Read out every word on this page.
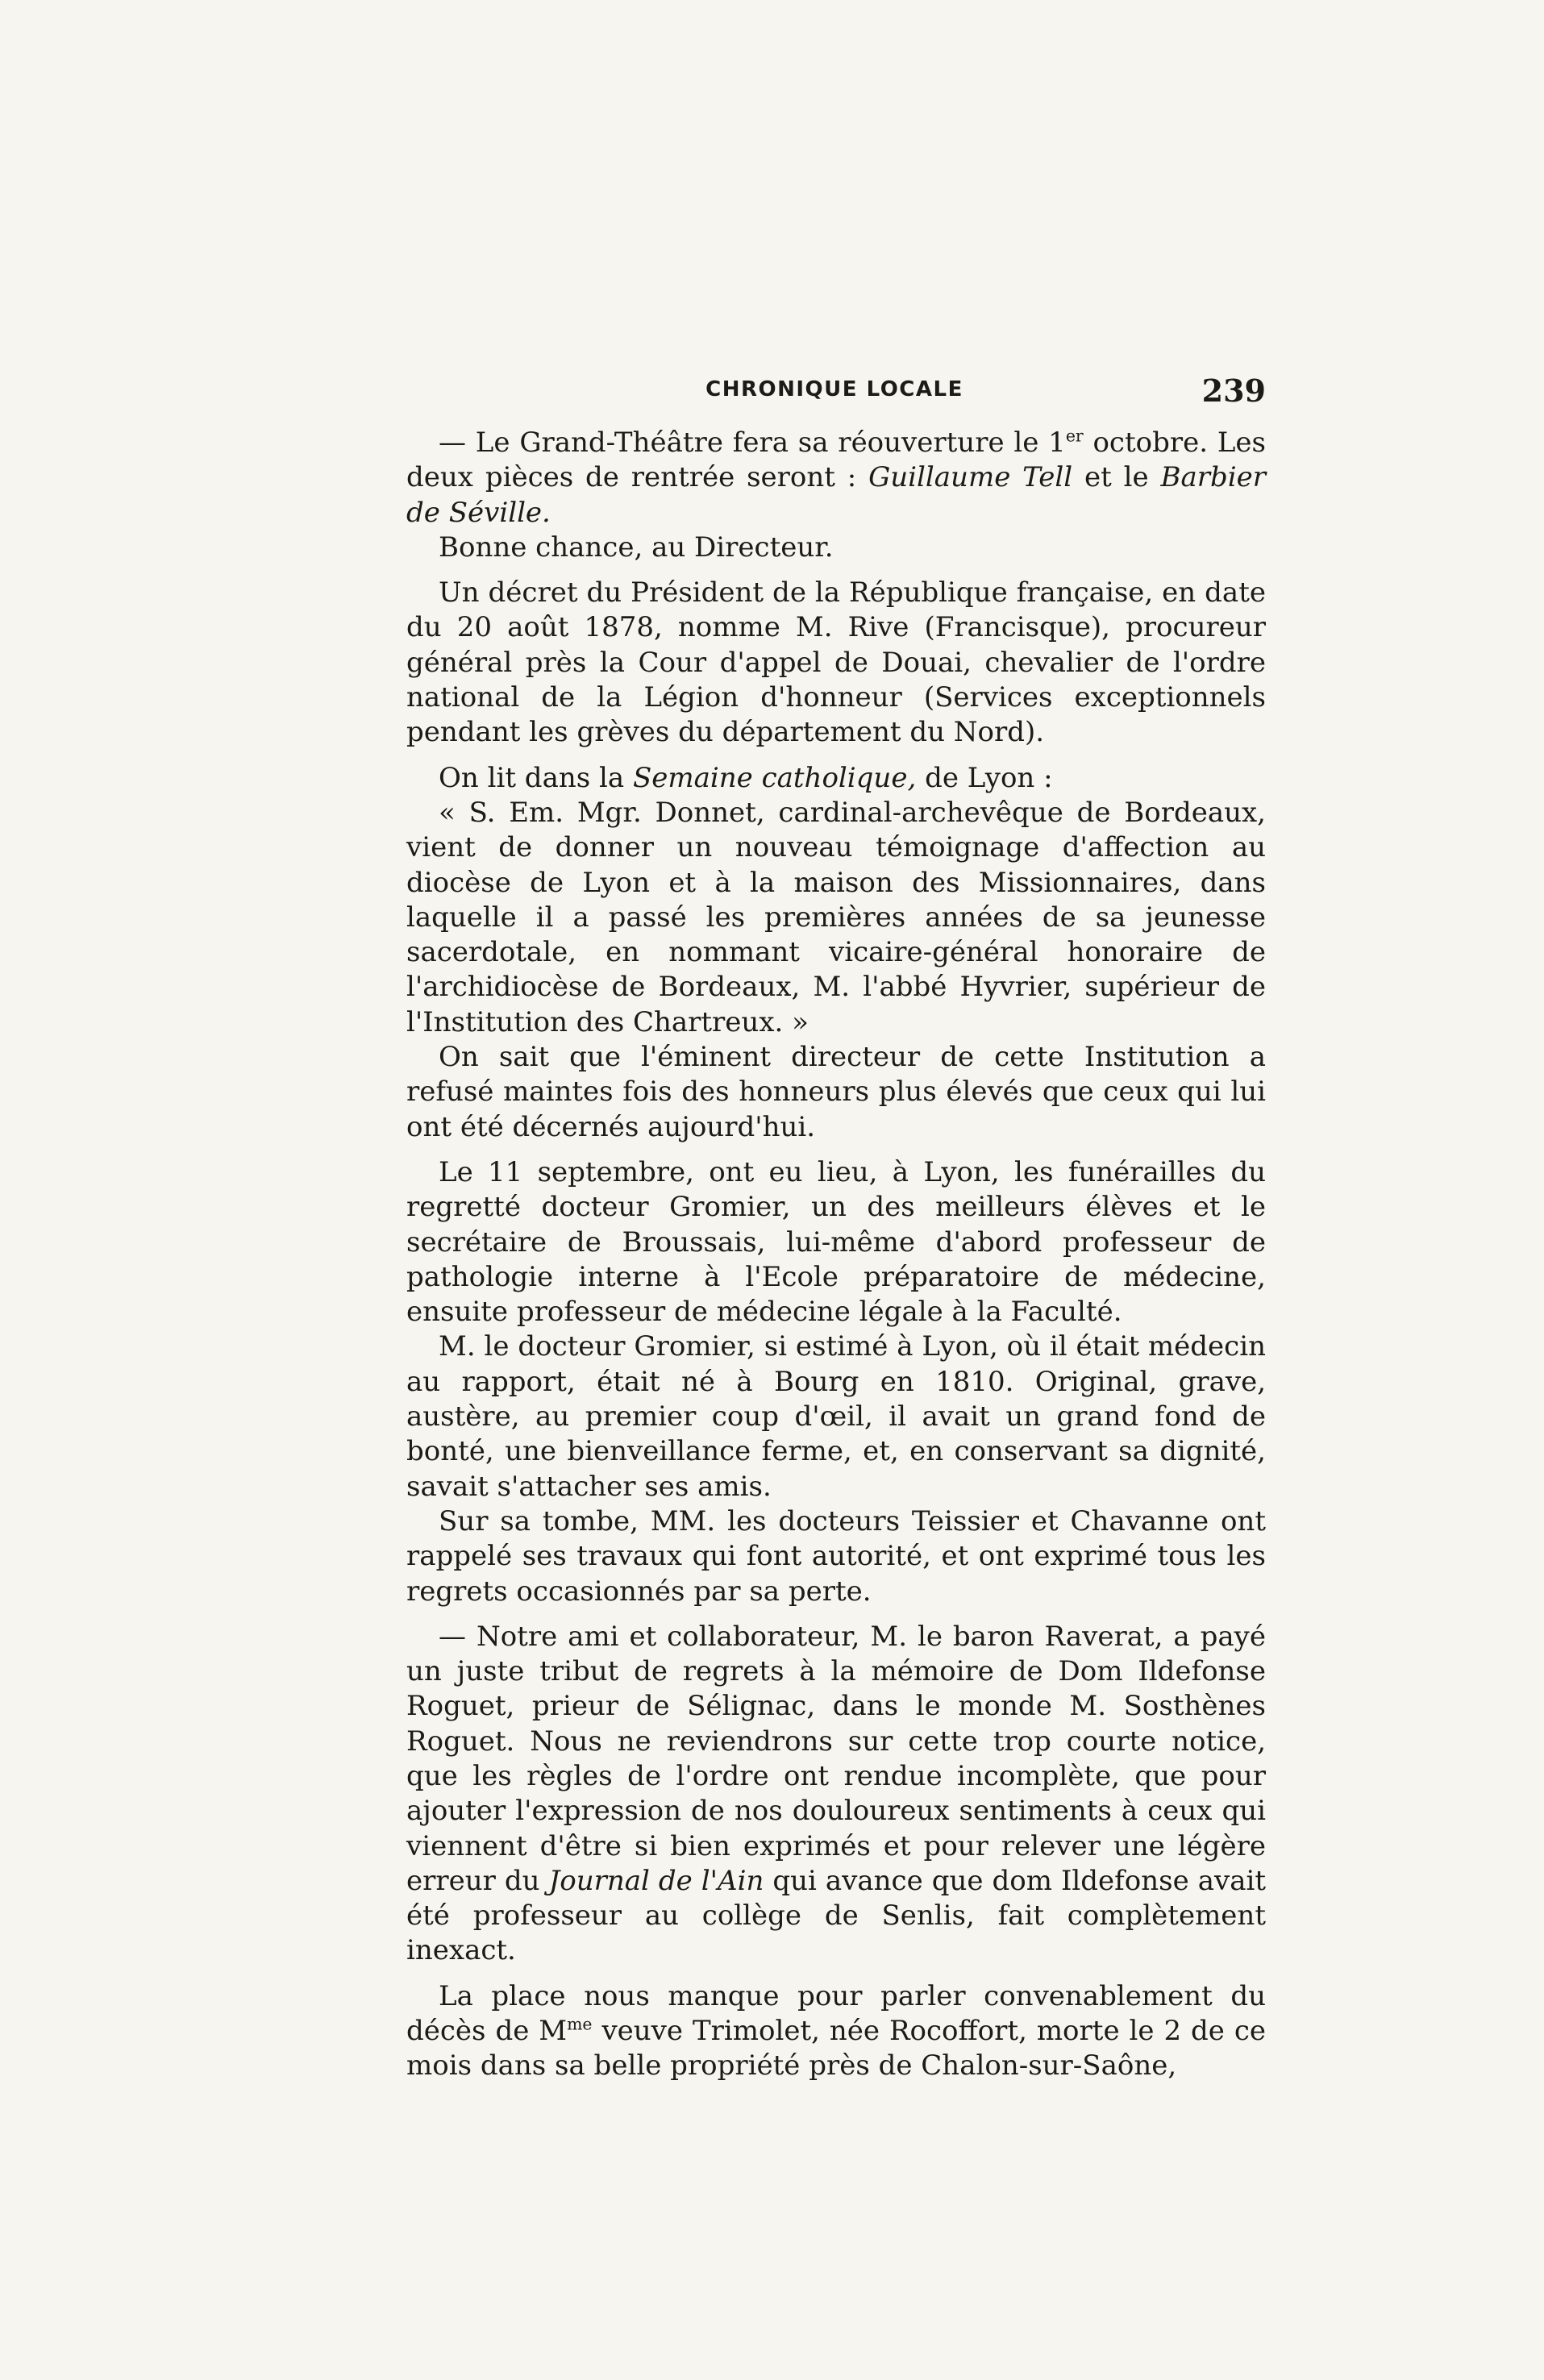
CHRONIQUE LOCALE	239

— Le Grand-Théâtre fera sa réouverture le 1er octobre. Les deux pièces de rentrée seront : Guillaume Tell et le Barbier de Séville.

Bonne chance, au Directeur.

Un décret du Président de la République française, en date du 20 août 1878, nomme M. Rive (Francisque), procureur général près la Cour d'appel de Douai, chevalier de l'ordre national de la Légion d'honneur (Services exceptionnels pendant les grèves du département du Nord).

On lit dans la Semaine catholique, de Lyon :

« S. Em. Mgr. Donnet, cardinal-archevêque de Bordeaux, vient de donner un nouveau témoignage d'affection au diocèse de Lyon et à la maison des Missionnaires, dans laquelle il a passé les premières années de sa jeunesse sacerdotale, en nommant vicaire-général honoraire de l'archidiocèse de Bordeaux, M. l'abbé Hyvrier, supérieur de l'Institution des Chartreux. »

On sait que l'éminent directeur de cette Institution a refusé maintes fois des honneurs plus élevés que ceux qui lui ont été décernés aujourd'hui.

Le 11 septembre, ont eu lieu, à Lyon, les funérailles du regretté docteur Gromier, un des meilleurs élèves et le secrétaire de Broussais, lui-même d'abord professeur de pathologie interne à l'Ecole préparatoire de médecine, ensuite professeur de médecine légale à la Faculté.

M. le docteur Gromier, si estimé à Lyon, où il était médecin au rapport, était né à Bourg en 1810. Original, grave, austère, au premier coup d'œil, il avait un grand fond de bonté, une bienveillance ferme, et, en conservant sa dignité, savait s'attacher ses amis.

Sur sa tombe, MM. les docteurs Teissier et Chavanne ont rappelé ses travaux qui font autorité, et ont exprimé tous les regrets occasionnés par sa perte.

— Notre ami et collaborateur, M. le baron Raverat, a payé un juste tribut de regrets à la mémoire de Dom Ildefonse Roguet, prieur de Sélignac, dans le monde M. Sosthènes Roguet. Nous ne reviendrons sur cette trop courte notice, que les règles de l'ordre ont rendue incomplète, que pour ajouter l'expression de nos douloureux sentiments à ceux qui viennent d'être si bien exprimés et pour relever une légère erreur du Journal de l'Ain qui avance que dom Ildefonse avait été professeur au collège de Senlis, fait complètement inexact.

La place nous manque pour parler convenablement du décès de $M^{me}$ veuve Trimolet, née Rocoffort, morte le 2 de ce mois dans sa belle propriété près de Chalon-sur-Saône,
